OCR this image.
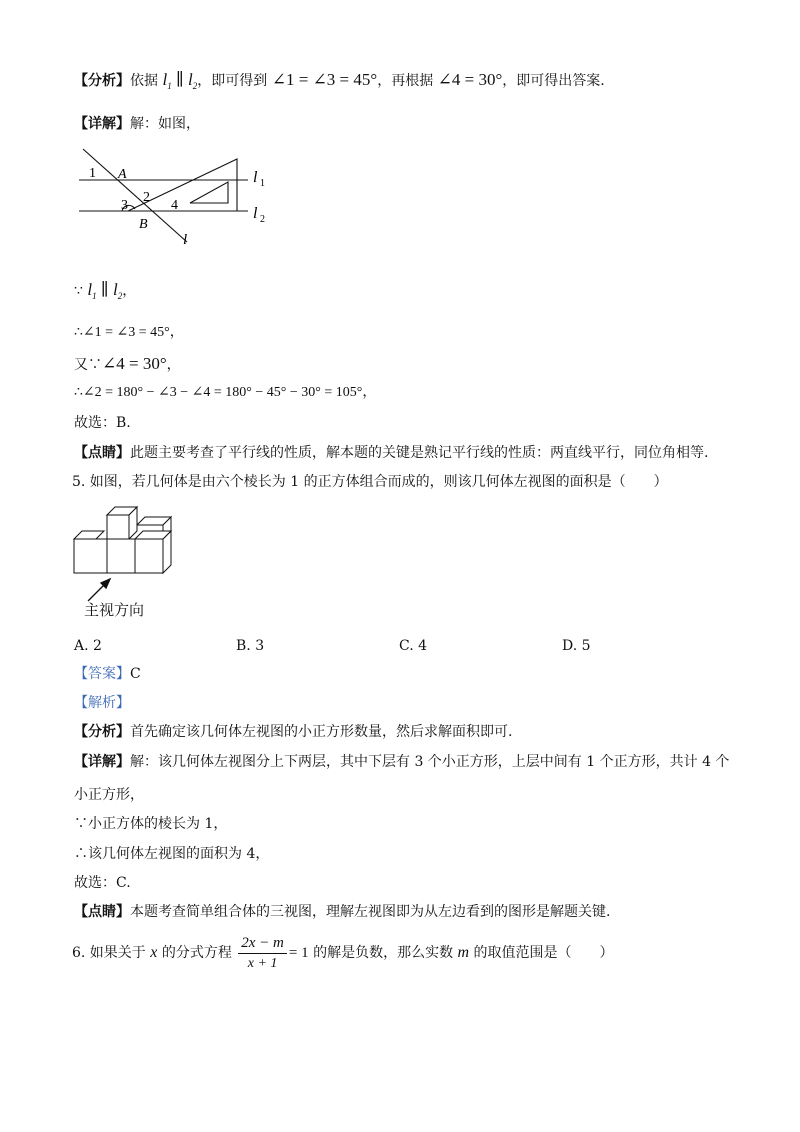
【分析】依据 $l_1$ ∥ $l_2$，即可得到 ∠1 = ∠3 = 45°，再根据 ∠4 = 30°，即可得出答案.
【详解】解：如图，
1 A
2
3	4
B
l
l 1
l 2
∵ $l_1$ ∥ $l_2$，
∴∠1 = ∠3 = 45°，
又∵∠4 = 30°，
∴∠2 = 180° − ∠3 − ∠4 = 180° − 45° − 30° = 105°，
故选：B.
【点睛】此题主要考查了平行线的性质，解本题的关键是熟记平行线的性质：两直线平行，同位角相等.
5. 如图，若几何体是由六个棱长为 1 的正方体组合而成的，则该几何体左视图的面积是（　　）
主视方向
A. 2	B. 3	C. 4	D. 5
【答案】C
【解析】
【分析】首先确定该几何体左视图的小正方形数量，然后求解面积即可.
【详解】解：该几何体左视图分上下两层，其中下层有 3 个小正方形，上层中间有 1 个正方形，共计 4 个
小正方形，
∵小正方体的棱长为 1，
∴该几何体左视图的面积为 4，
故选：C.
【点睛】本题考查简单组合体的三视图，理解左视图即为从左边看到的图形是解题关键.
6. 如果关于 x 的分式方程 $\frac{2x - m}{x + 1} = 1$ 的解是负数，那么实数 m 的取值范围是（　　）
